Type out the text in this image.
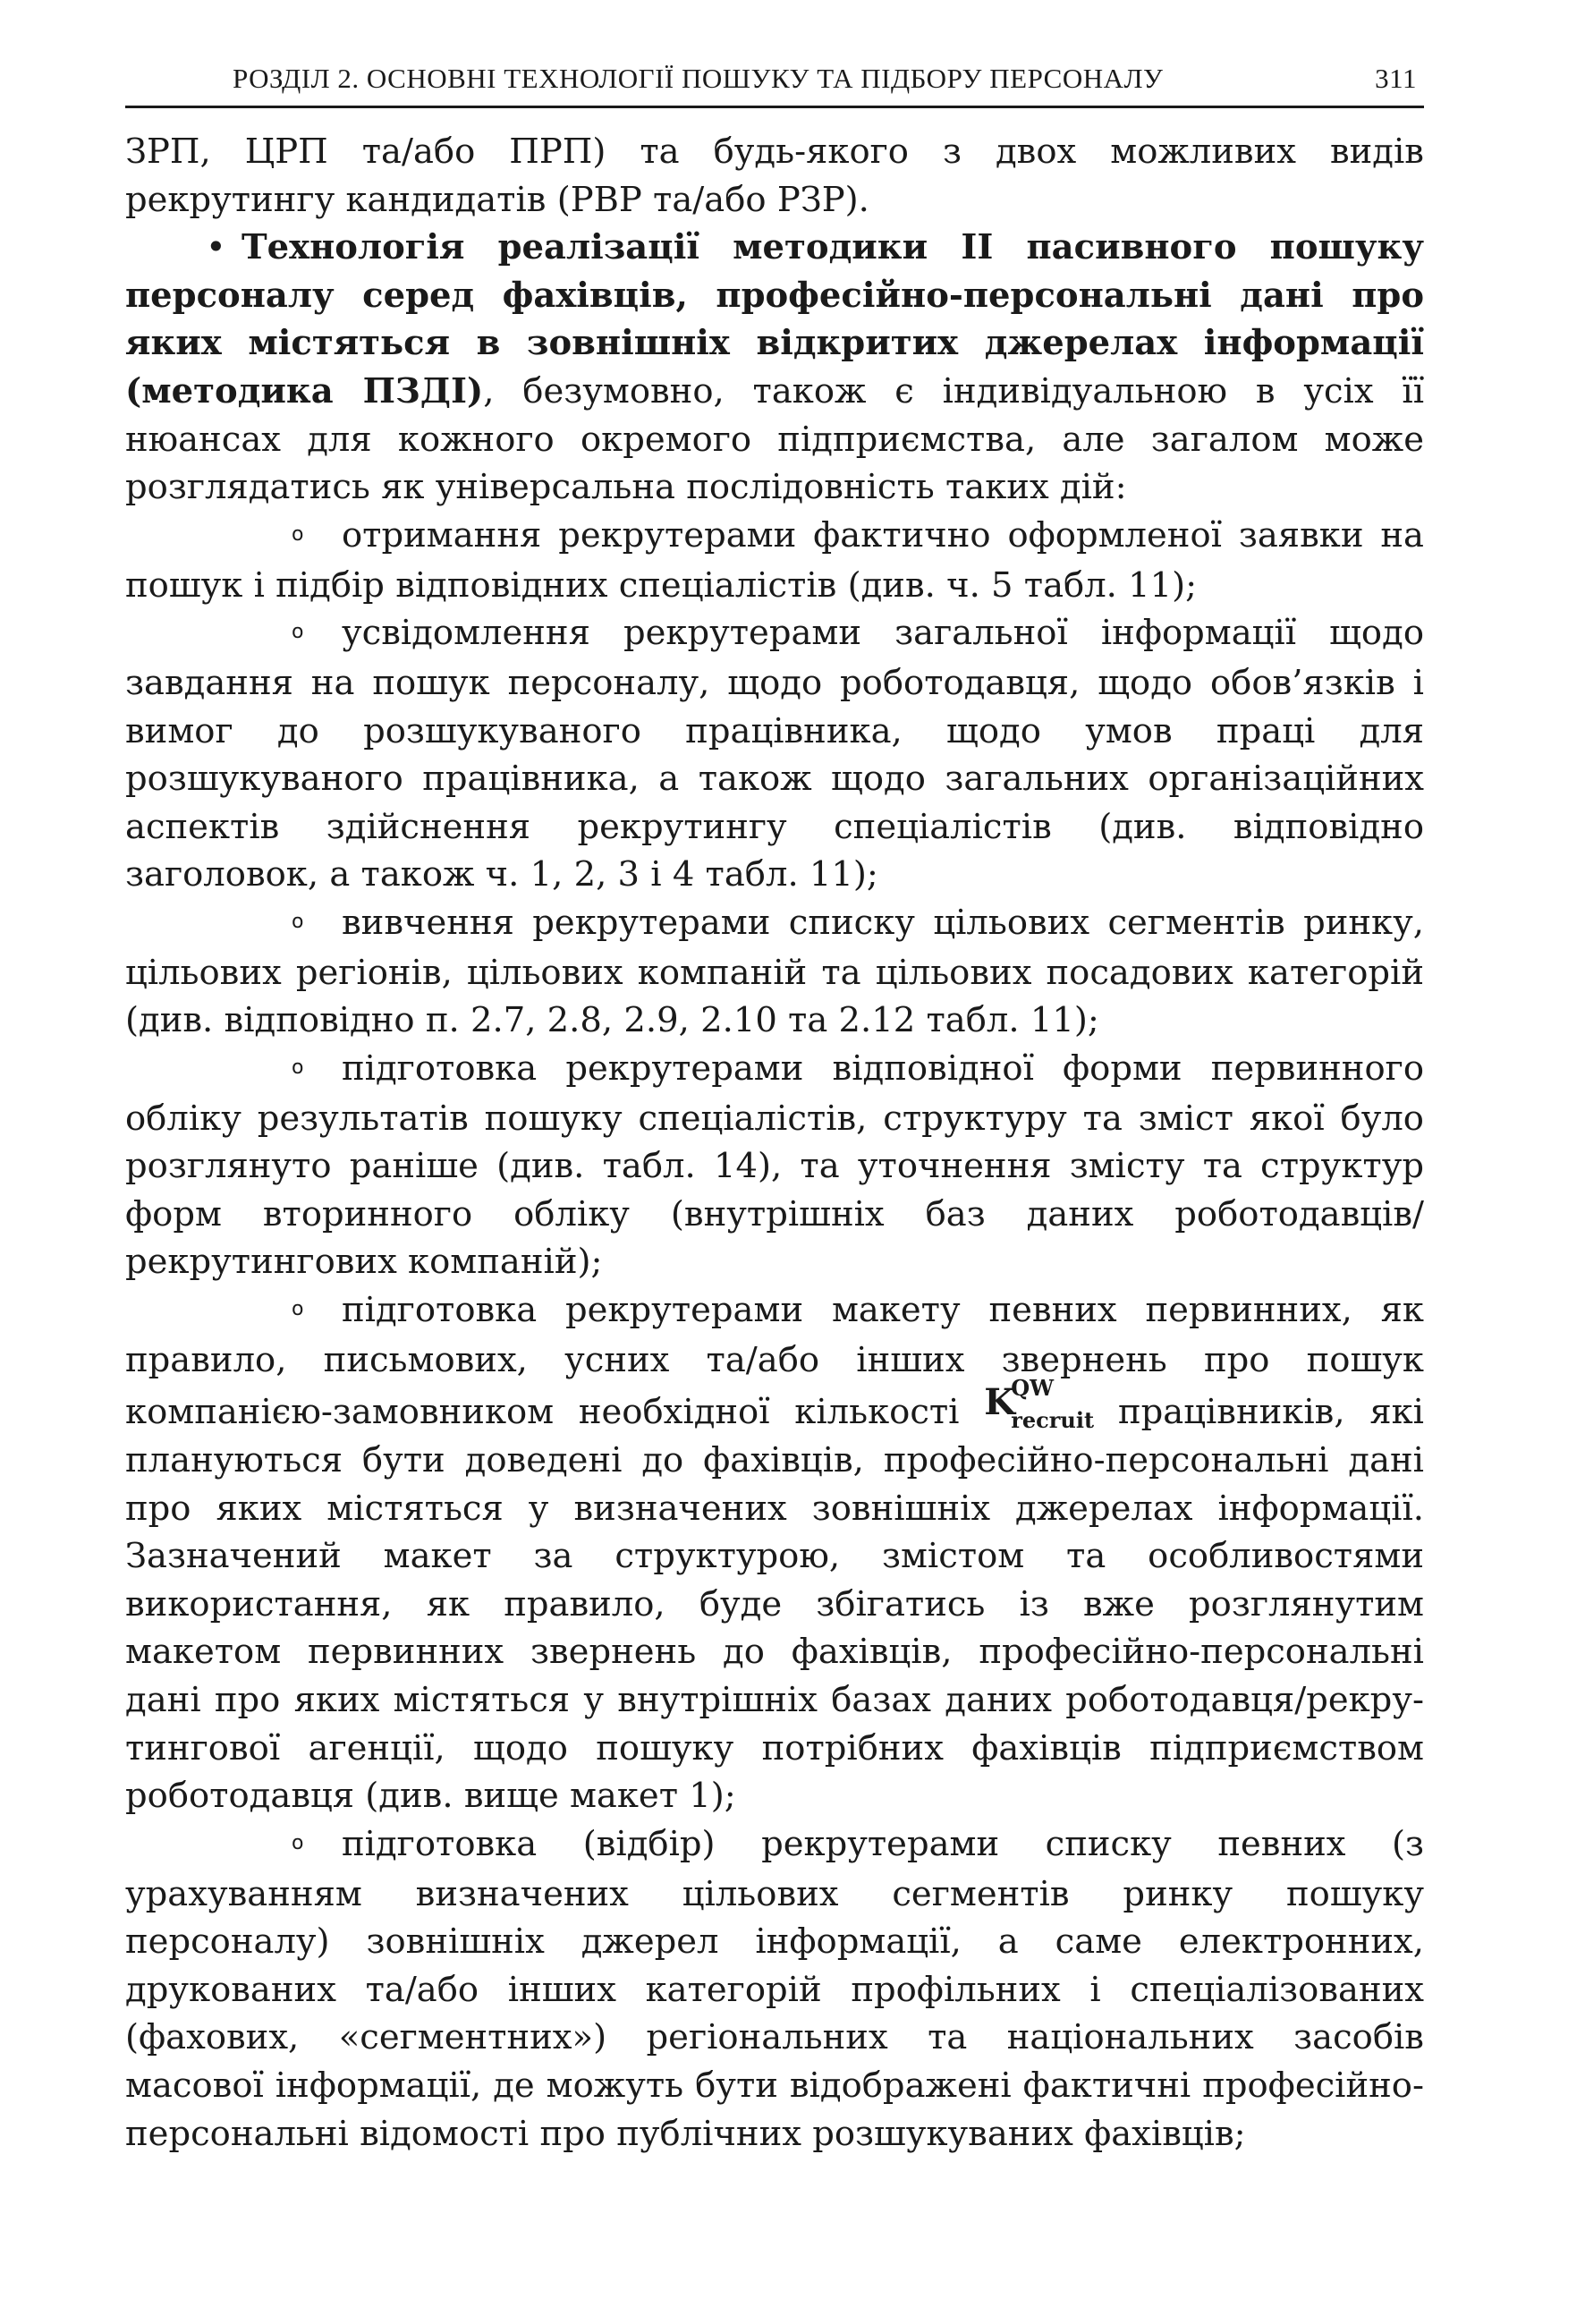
РОЗДІЛ 2. ОСНОВНІ ТЕХНОЛОГІЇ ПОШУКУ ТА ПІДБОРУ ПЕРСОНАЛУ	311

ЗРП, ЦРП та/або ПРП) та будь-якого з двох можливих видів рекрутингу кандидатів (РВР та/або РЗР).

• Технологія реалізації методики ІІ пасивного пошуку персоналу серед фахівців, професійно-персональні дані про яких містяться в зовнішніх відкритих джерелах інформації (методика ПЗДІ), безумовно, також є індивідуальною в усіх її нюансах для кожного окремого підприємства, але загалом може розглядатись як універсальна послідовність таких дій:

o отримання рекрутерами фактично оформленої заявки на пошук і підбір відповідних спеціалістів (див. ч. 5 табл. 11);

o усвідомлення рекрутерами загальної інформації щодо завдання на пошук персоналу, щодо роботодавця, щодо обов’язків і вимог до розшукуваного працівника, щодо умов праці для розшукуваного працівника, а також щодо загальних організаційних аспектів здійснення рекрутингу спеціалістів (див. відповідно заголовок, а також ч. 1, 2, 3 і 4 табл. 11);

o вивчення рекрутерами списку цільових сегментів ринку, цільових регіонів, цільових компаній та цільових посадових категорій (див. відповідно п. 2.7, 2.8, 2.9, 2.10 та 2.12 табл. 11);

o підготовка рекрутерами відповідної форми первинного обліку результатів пошуку спеціалістів, структуру та зміст якої було розглянуто раніше (див. табл. 14), та уточнення змісту та структур форм вторинного обліку (внутрішніх баз даних роботодавців/рекрутингових компаній);

o підготовка рекрутерами макету певних первинних, як правило, письмових, усних та/або інших звернень про пошук компанією-замовником необхідної кількості K
QW
recruit працівників, які плануються бути доведені до фахівців, професійно-персональні дані про яких містяться у визначених зовнішніх джерелах інформації. Зазначений макет за структурою, змістом та особливостями використання, як правило, буде збігатись із вже розглянутим макетом первинних звернень до фахівців, професійно-персональні дані про яких містяться у внутрішніх базах даних роботодавця/рекру-тингової агенції, щодо пошуку потрібних фахівців підприємством роботодавця (див. вище макет 1);

o підготовка (відбір) рекрутерами списку певних (з урахуванням визначених цільових сегментів ринку пошуку персоналу) зовнішніх джерел інформації, а саме електронних, друкованих та/або інших категорій профільних і спеціалізованих (фахових, «сегментних») регіональних та національних засобів масової інформації, де можуть бути відображені фактичні професійно-персональні відомості про публічних розшукуваних фахівців;
